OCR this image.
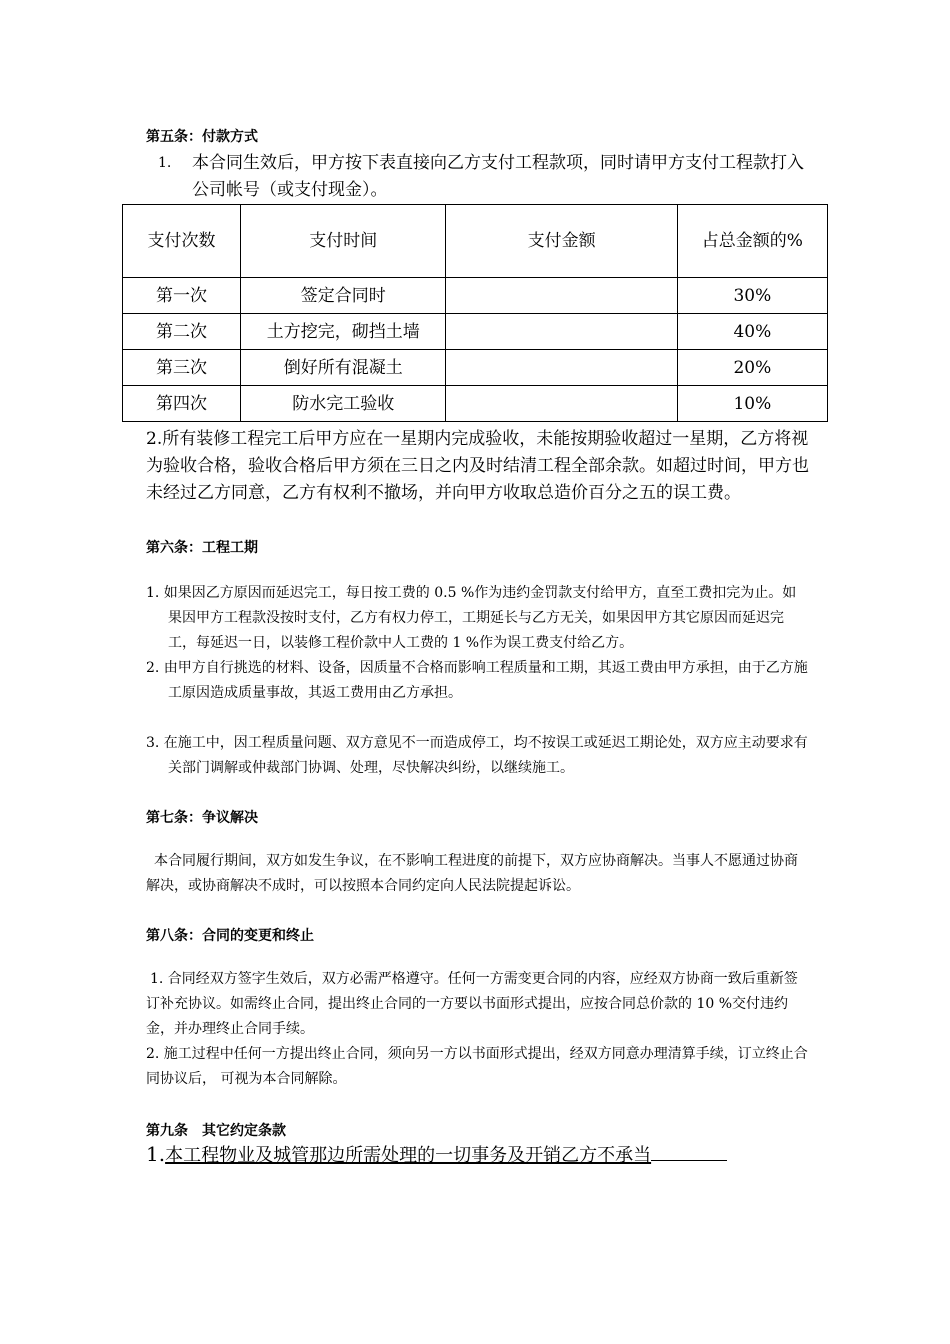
第五条：付款方式

1.	本合同生效后，甲方按下表直接向乙方支付工程款项，同时请甲方支付工程款打入公司帐号（或支付现金）。
支付次数	支付时间	支付金额	占总金额的%
第一次	签定合同时		30%
第二次	土方挖完，砌挡土墙		40%
第三次	倒好所有混凝土		20%
第四次	防水完工验收		10%

2.所有装修工程完工后甲方应在一星期内完成验收，未能按期验收超过一星期，乙方将视为验收合格，验收合格后甲方须在三日之内及时结清工程全部余款。如超过时间，甲方也未经过乙方同意，乙方有权利不撤场，并向甲方收取总造价百分之五的误工费。

第六条：工程工期

1. 如果因乙方原因而延迟完工，每日按工费的 0.5 %作为违约金罚款支付给甲方，直至工费扣完为止。如果因甲方工程款没按时支付，乙方有权力停工，工期延长与乙方无关，如果因甲方其它原因而延迟完工，每延迟一日，以装修工程价款中人工费的 1 %作为误工费支付给乙方。

2. 由甲方自行挑选的材料、设备，因质量不合格而影响工程质量和工期，其返工费由甲方承担，由于乙方施工原因造成质量事故，其返工费用由乙方承担。

3. 在施工中，因工程质量问题、双方意见不一而造成停工，均不按误工或延迟工期论处，双方应主动要求有关部门调解或仲裁部门协调、处理，尽快解决纠纷，以继续施工。

第七条：争议解决

本合同履行期间，双方如发生争议，在不影响工程进度的前提下，双方应协商解决。当事人不愿通过协商解决，或协商解决不成时，可以按照本合同约定向人民法院提起诉讼。

第八条：合同的变更和终止

1. 合同经双方签字生效后，双方必需严格遵守。任何一方需变更合同的内容，应经双方协商一致后重新签订补充协议。如需终止合同，提出终止合同的一方要以书面形式提出，应按合同总价款的 10 %交付违约金，并办理终止合同手续。

2. 施工过程中任何一方提出终止合同，须向另一方以书面形式提出，经双方同意办理清算手续，订立终止合同协议后， 可视为本合同解除。

第九条　其它约定条款

1.本工程物业及城管那边所需处理的一切事务及开销乙方不承当
